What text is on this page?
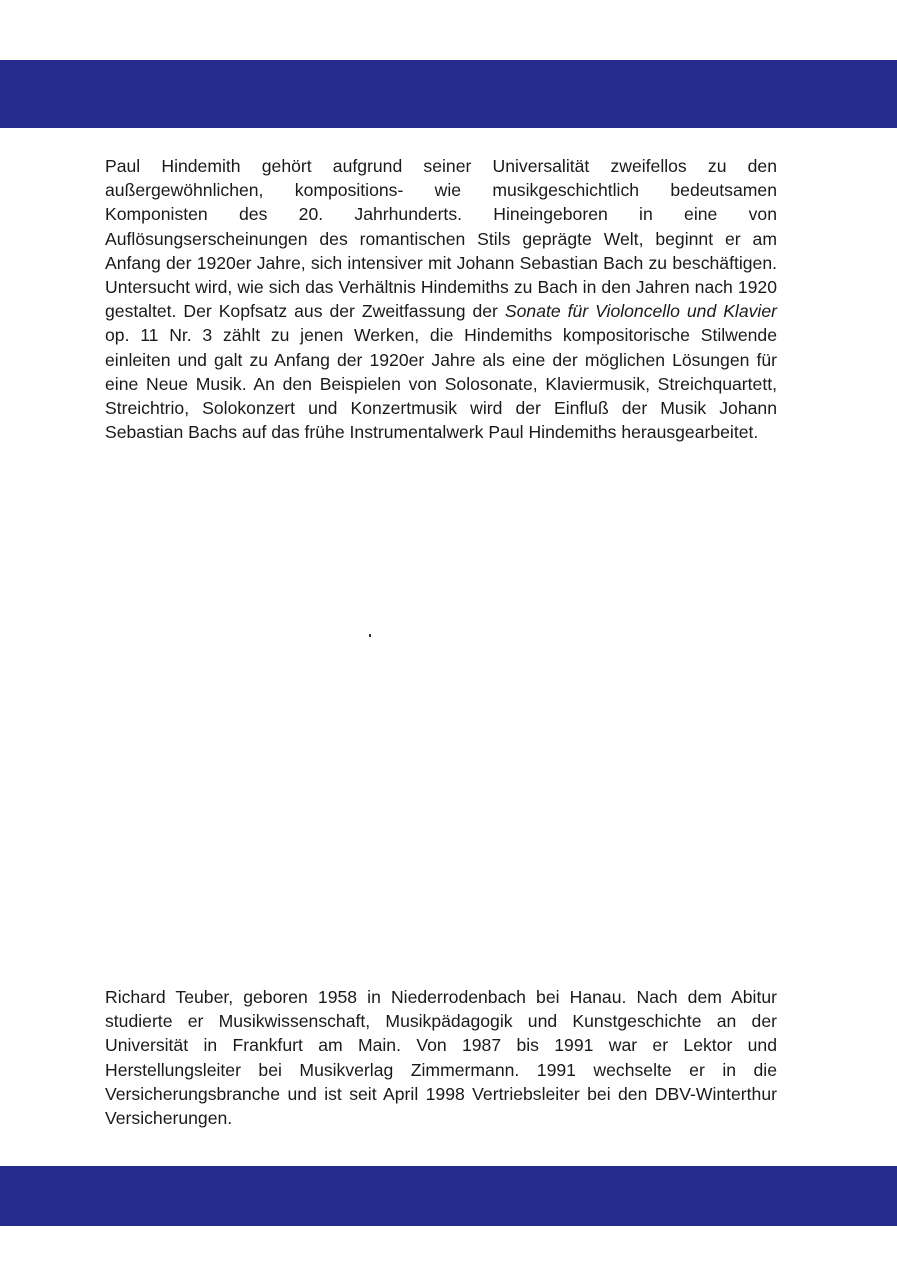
Paul Hindemith gehört aufgrund seiner Universalität zweifellos zu den außergewöhnlichen, kompositions- wie musikgeschichtlich bedeutsamen Komponisten des 20. Jahrhunderts. Hineingeboren in eine von Auflösungserscheinungen des romantischen Stils geprägte Welt, beginnt er am Anfang der 1920er Jahre, sich intensiver mit Johann Sebastian Bach zu beschäftigen. Untersucht wird, wie sich das Verhältnis Hindemiths zu Bach in den Jahren nach 1920 gestaltet. Der Kopfsatz aus der Zweitfassung der Sonate für Violoncello und Klavier op. 11 Nr. 3 zählt zu jenen Werken, die Hindemiths kompositorische Stilwende einleiten und galt zu Anfang der 1920er Jahre als eine der möglichen Lösungen für eine Neue Musik. An den Beispielen von Solosonate, Klaviermusik, Streichquartett, Streichtrio, Solokonzert und Konzertmusik wird der Einfluß der Musik Johann Sebastian Bachs auf das frühe Instrumentalwerk Paul Hindemiths herausgearbeitet.

Richard Teuber, geboren 1958 in Niederrodenbach bei Hanau. Nach dem Abitur studierte er Musikwissenschaft, Musikpädagogik und Kunstgeschichte an der Universität in Frankfurt am Main. Von 1987 bis 1991 war er Lektor und Herstellungsleiter bei Musikverlag Zimmermann. 1991 wechselte er in die Versicherungsbranche und ist seit April 1998 Vertriebsleiter bei den DBV-Winterthur Versicherungen.
